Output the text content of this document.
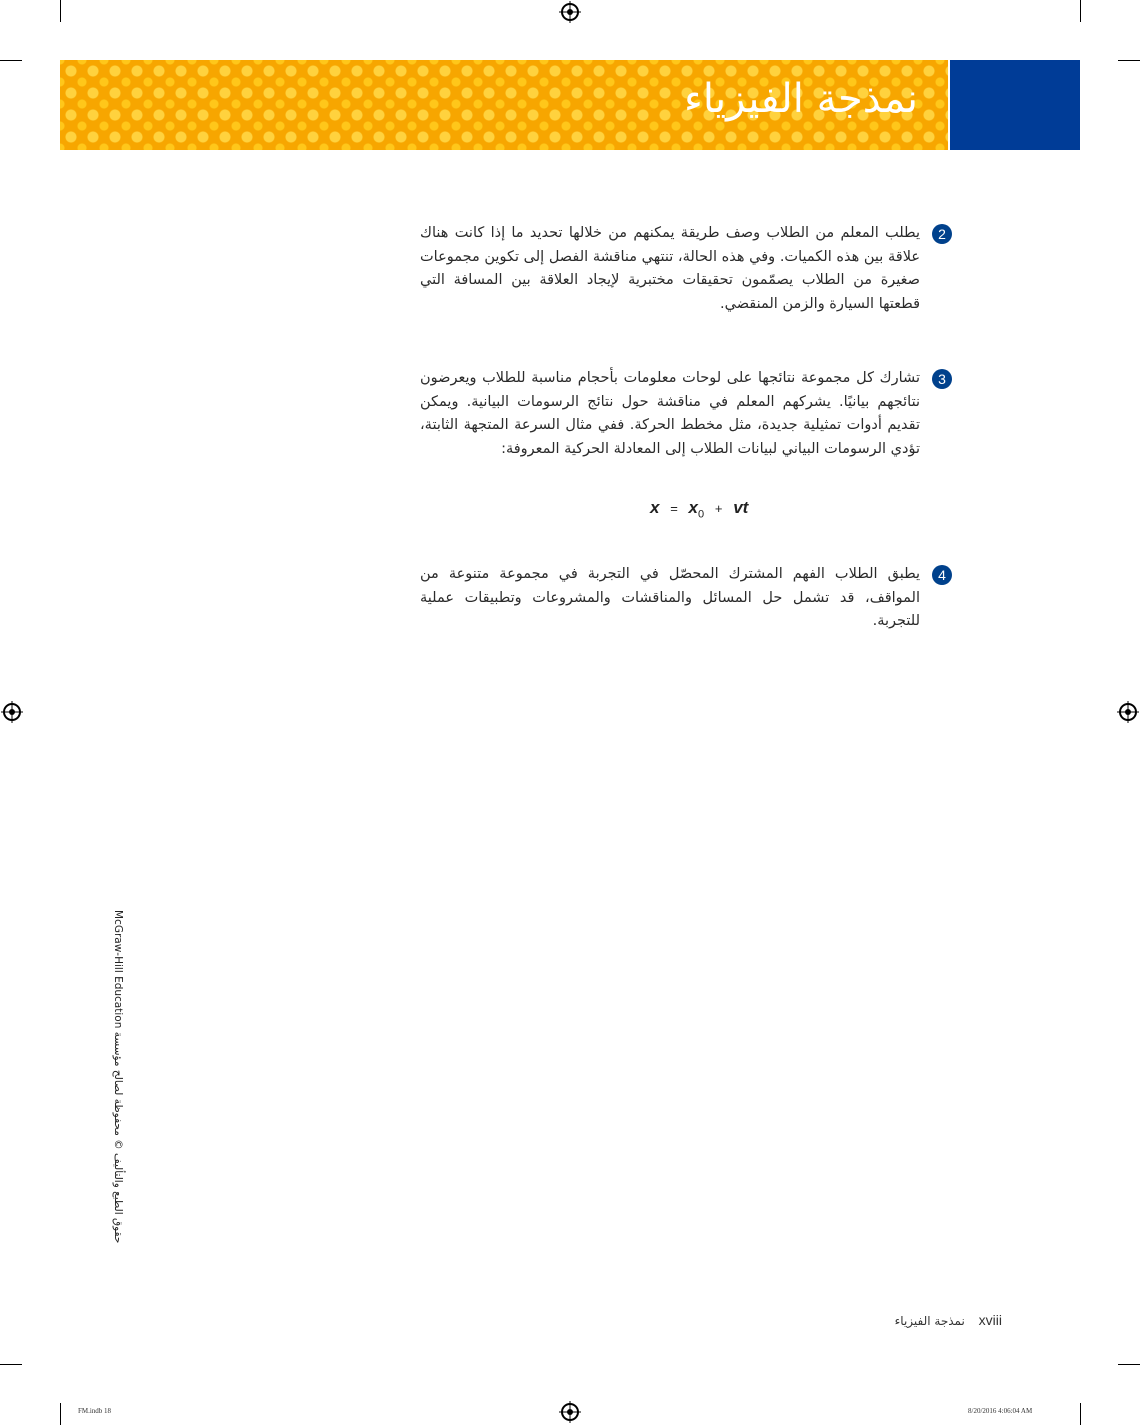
نمذجة الفيزياء
2
يطلب المعلم من الطلاب وصف طريقة يمكنهم من خلالها تحديد ما إذا كانت هناك علاقة بين هذه الكميات. وفي هذه الحالة، تنتهي مناقشة الفصل إلى تكوين مجموعات صغيرة من الطلاب يصمّمون تحقيقات مختبرية لإيجاد العلاقة بين المسافة التي قطعتها السيارة والزمن المنقضي.
3
تشارك كل مجموعة نتائجها على لوحات معلومات بأحجام مناسبة للطلاب ويعرضون نتائجهم بيانيًا. يشركهم المعلم في مناقشة حول نتائج الرسومات البيانية. ويمكن تقديم أدوات تمثيلية جديدة، مثل مخطط الحركة. ففي مثال السرعة المتجهة الثابتة، تؤدي الرسومات البياني لبيانات الطلاب إلى المعادلة الحركية المعروفة:
$x = x_0$ + vt
4
يطبق الطلاب الفهم المشترك المحصّل في التجربة في مجموعة متنوعة من المواقف، قد تشمل حل المسائل والمناقشات والمشروعات وتطبيقات عملية للتجربة.
حقوق الطبع والتأليف © محفوظة لصالح مؤسسة McGraw-Hill Education
نمذجة الفيزياء xviii
FM.indb 18	8/20/2016 4:06:04 AM
